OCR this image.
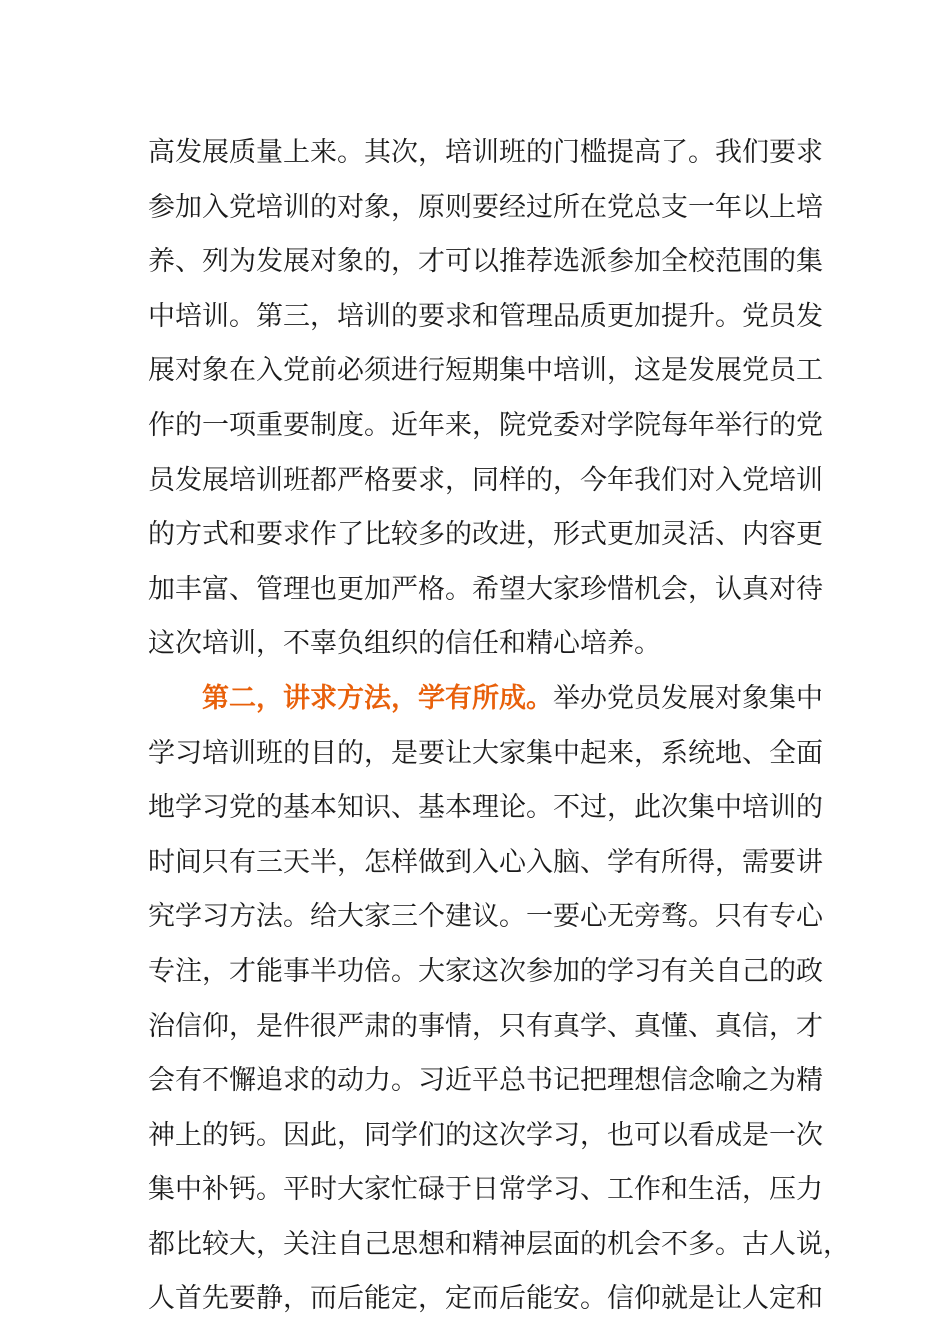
高发展质量上来。其次，培训班的门槛提高了。我们要求
参加入党培训的对象，原则要经过所在党总支一年以上培
养、列为发展对象的，才可以推荐选派参加全校范围的集
中培训。第三，培训的要求和管理品质更加提升。党员发
展对象在入党前必须进行短期集中培训，这是发展党员工
作的一项重要制度。近年来，院党委对学院每年举行的党
员发展培训班都严格要求，同样的，今年我们对入党培训
的方式和要求作了比较多的改进，形式更加灵活、内容更
加丰富、管理也更加严格。希望大家珍惜机会，认真对待
这次培训，不辜负组织的信任和精心培养。
第二，讲求方法，学有所成。举办党员发展对象集中
学习培训班的目的，是要让大家集中起来，系统地、全面
地学习党的基本知识、基本理论。不过，此次集中培训的
时间只有三天半，怎样做到入心入脑、学有所得，需要讲
究学习方法。给大家三个建议。一要心无旁骛。只有专心
专注，才能事半功倍。大家这次参加的学习有关自己的政
治信仰，是件很严肃的事情，只有真学、真懂、真信，才
会有不懈追求的动力。习近平总书记把理想信念喻之为精
神上的钙。因此，同学们的这次学习，也可以看成是一次
集中补钙。平时大家忙碌于日常学习、工作和生活，压力
都比较大，关注自己思想和精神层面的机会不多。古人说，
人首先要静，而后能定，定而后能安。信仰就是让人定和
